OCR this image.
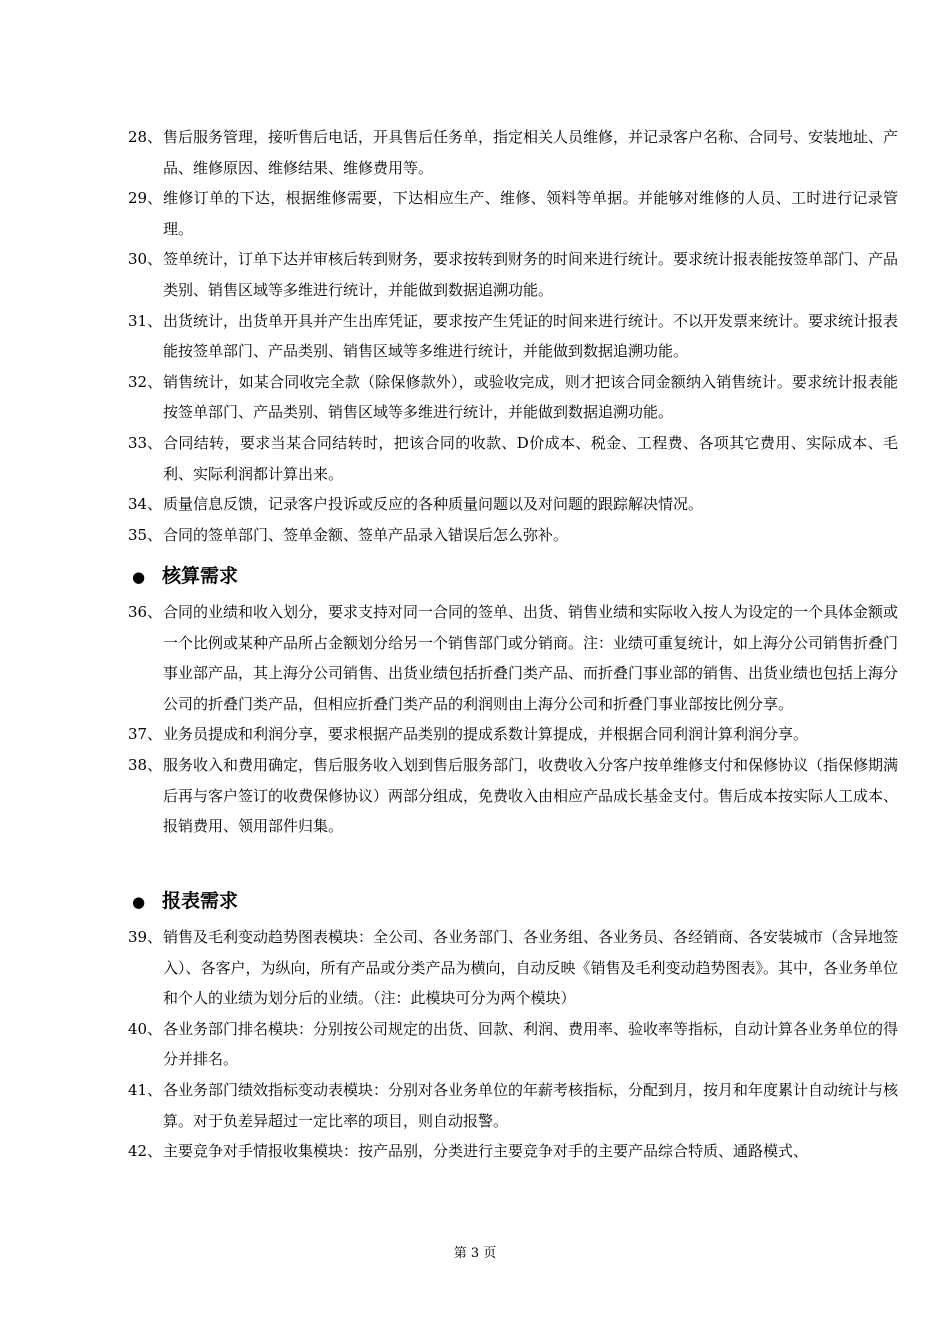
28、 售后服务管理，接听售后电话，开具售后任务单，指定相关人员维修，并记录客户名称、合同号、安装地址、产品、维修原因、维修结果、维修费用等。
29、 维修订单的下达，根据维修需要，下达相应生产、维修、领料等单据。并能够对维修的人员、工时进行记录管理。
30、 签单统计，订单下达并审核后转到财务，要求按转到财务的时间来进行统计。要求统计报表能按签单部门、产品类别、销售区域等多维进行统计，并能做到数据追溯功能。
31、 出货统计，出货单开具并产生出库凭证，要求按产生凭证的时间来进行统计。不以开发票来统计。要求统计报表能按签单部门、产品类别、销售区域等多维进行统计，并能做到数据追溯功能。
32、 销售统计，如某合同收完全款（除保修款外），或验收完成，则才把该合同金额纳入销售统计。要求统计报表能按签单部门、产品类别、销售区域等多维进行统计，并能做到数据追溯功能。
33、 合同结转，要求当某合同结转时，把该合同的收款、D价成本、税金、工程费、各项其它费用、实际成本、毛利、实际利润都计算出来。
34、 质量信息反馈，记录客户投诉或反应的各种质量问题以及对问题的跟踪解决情况。
35、 合同的签单部门、签单金额、签单产品录入错误后怎么弥补。
● 核算需求
36、 合同的业绩和收入划分，要求支持对同一合同的签单、出货、销售业绩和实际收入按人为设定的一个具体金额或一个比例或某种产品所占金额划分给另一个销售部门或分销商。注：业绩可重复统计，如上海分公司销售折叠门事业部产品，其上海分公司销售、出货业绩包括折叠门类产品、而折叠门事业部的销售、出货业绩也包括上海分公司的折叠门类产品，但相应折叠门类产品的利润则由上海分公司和折叠门事业部按比例分享。
37、 业务员提成和利润分享，要求根据产品类别的提成系数计算提成，并根据合同利润计算利润分享。
38、 服务收入和费用确定，售后服务收入划到售后服务部门，收费收入分客户按单维修支付和保修协议（指保修期满后再与客户签订的收费保修协议）两部分组成，免费收入由相应产品成长基金支付。售后成本按实际人工成本、报销费用、领用部件归集。
● 报表需求
39、 销售及毛利变动趋势图表模块：全公司、各业务部门、各业务组、各业务员、各经销商、各安装城市（含异地签入）、各客户，为纵向，所有产品或分类产品为横向，自动反映《销售及毛利变动趋势图表》。其中，各业务单位和个人的业绩为划分后的业绩。（注：此模块可分为两个模块）
40、 各业务部门排名模块：分别按公司规定的出货、回款、利润、费用率、验收率等指标，自动计算各业务单位的得分并排名。
41、 各业务部门绩效指标变动表模块：分别对各业务单位的年薪考核指标，分配到月，按月和年度累计自动统计与核算。对于负差异超过一定比率的项目，则自动报警。
42、 主要竞争对手情报收集模块：按产品别，分类进行主要竞争对手的主要产品综合特质、通路模式、
第 3 页
